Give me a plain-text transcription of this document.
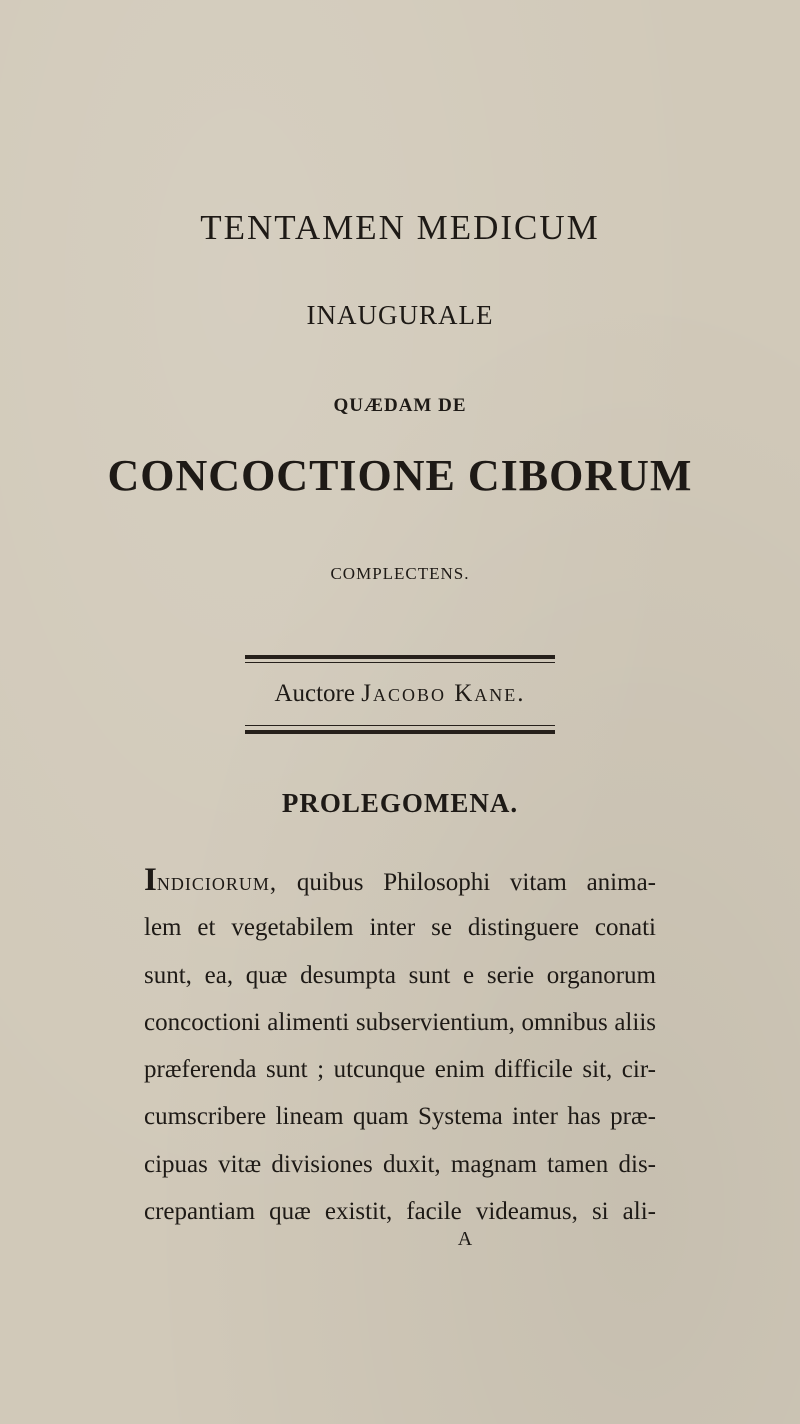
TENTAMEN MEDICUM
INAUGURALE
QUÆDAM DE
CONCOCTIONE CIBORUM
COMPLECTENS.
Auctore Jacobo Kane.
PROLEGOMENA.
Indiciorum, quibus Philosophi vitam anima-
lem et vegetabilem inter se distinguere conati
sunt, ea, quæ desumpta sunt e serie organorum
concoctioni alimenti subservientium, omnibus aliis
præferenda sunt ; utcunque enim difficile sit, cir-
cumscribere lineam quam Systema inter has præ-
cipuas vitæ divisiones duxit, magnam tamen dis-
crepantiam quæ existit, facile videamus, si ali-
A
